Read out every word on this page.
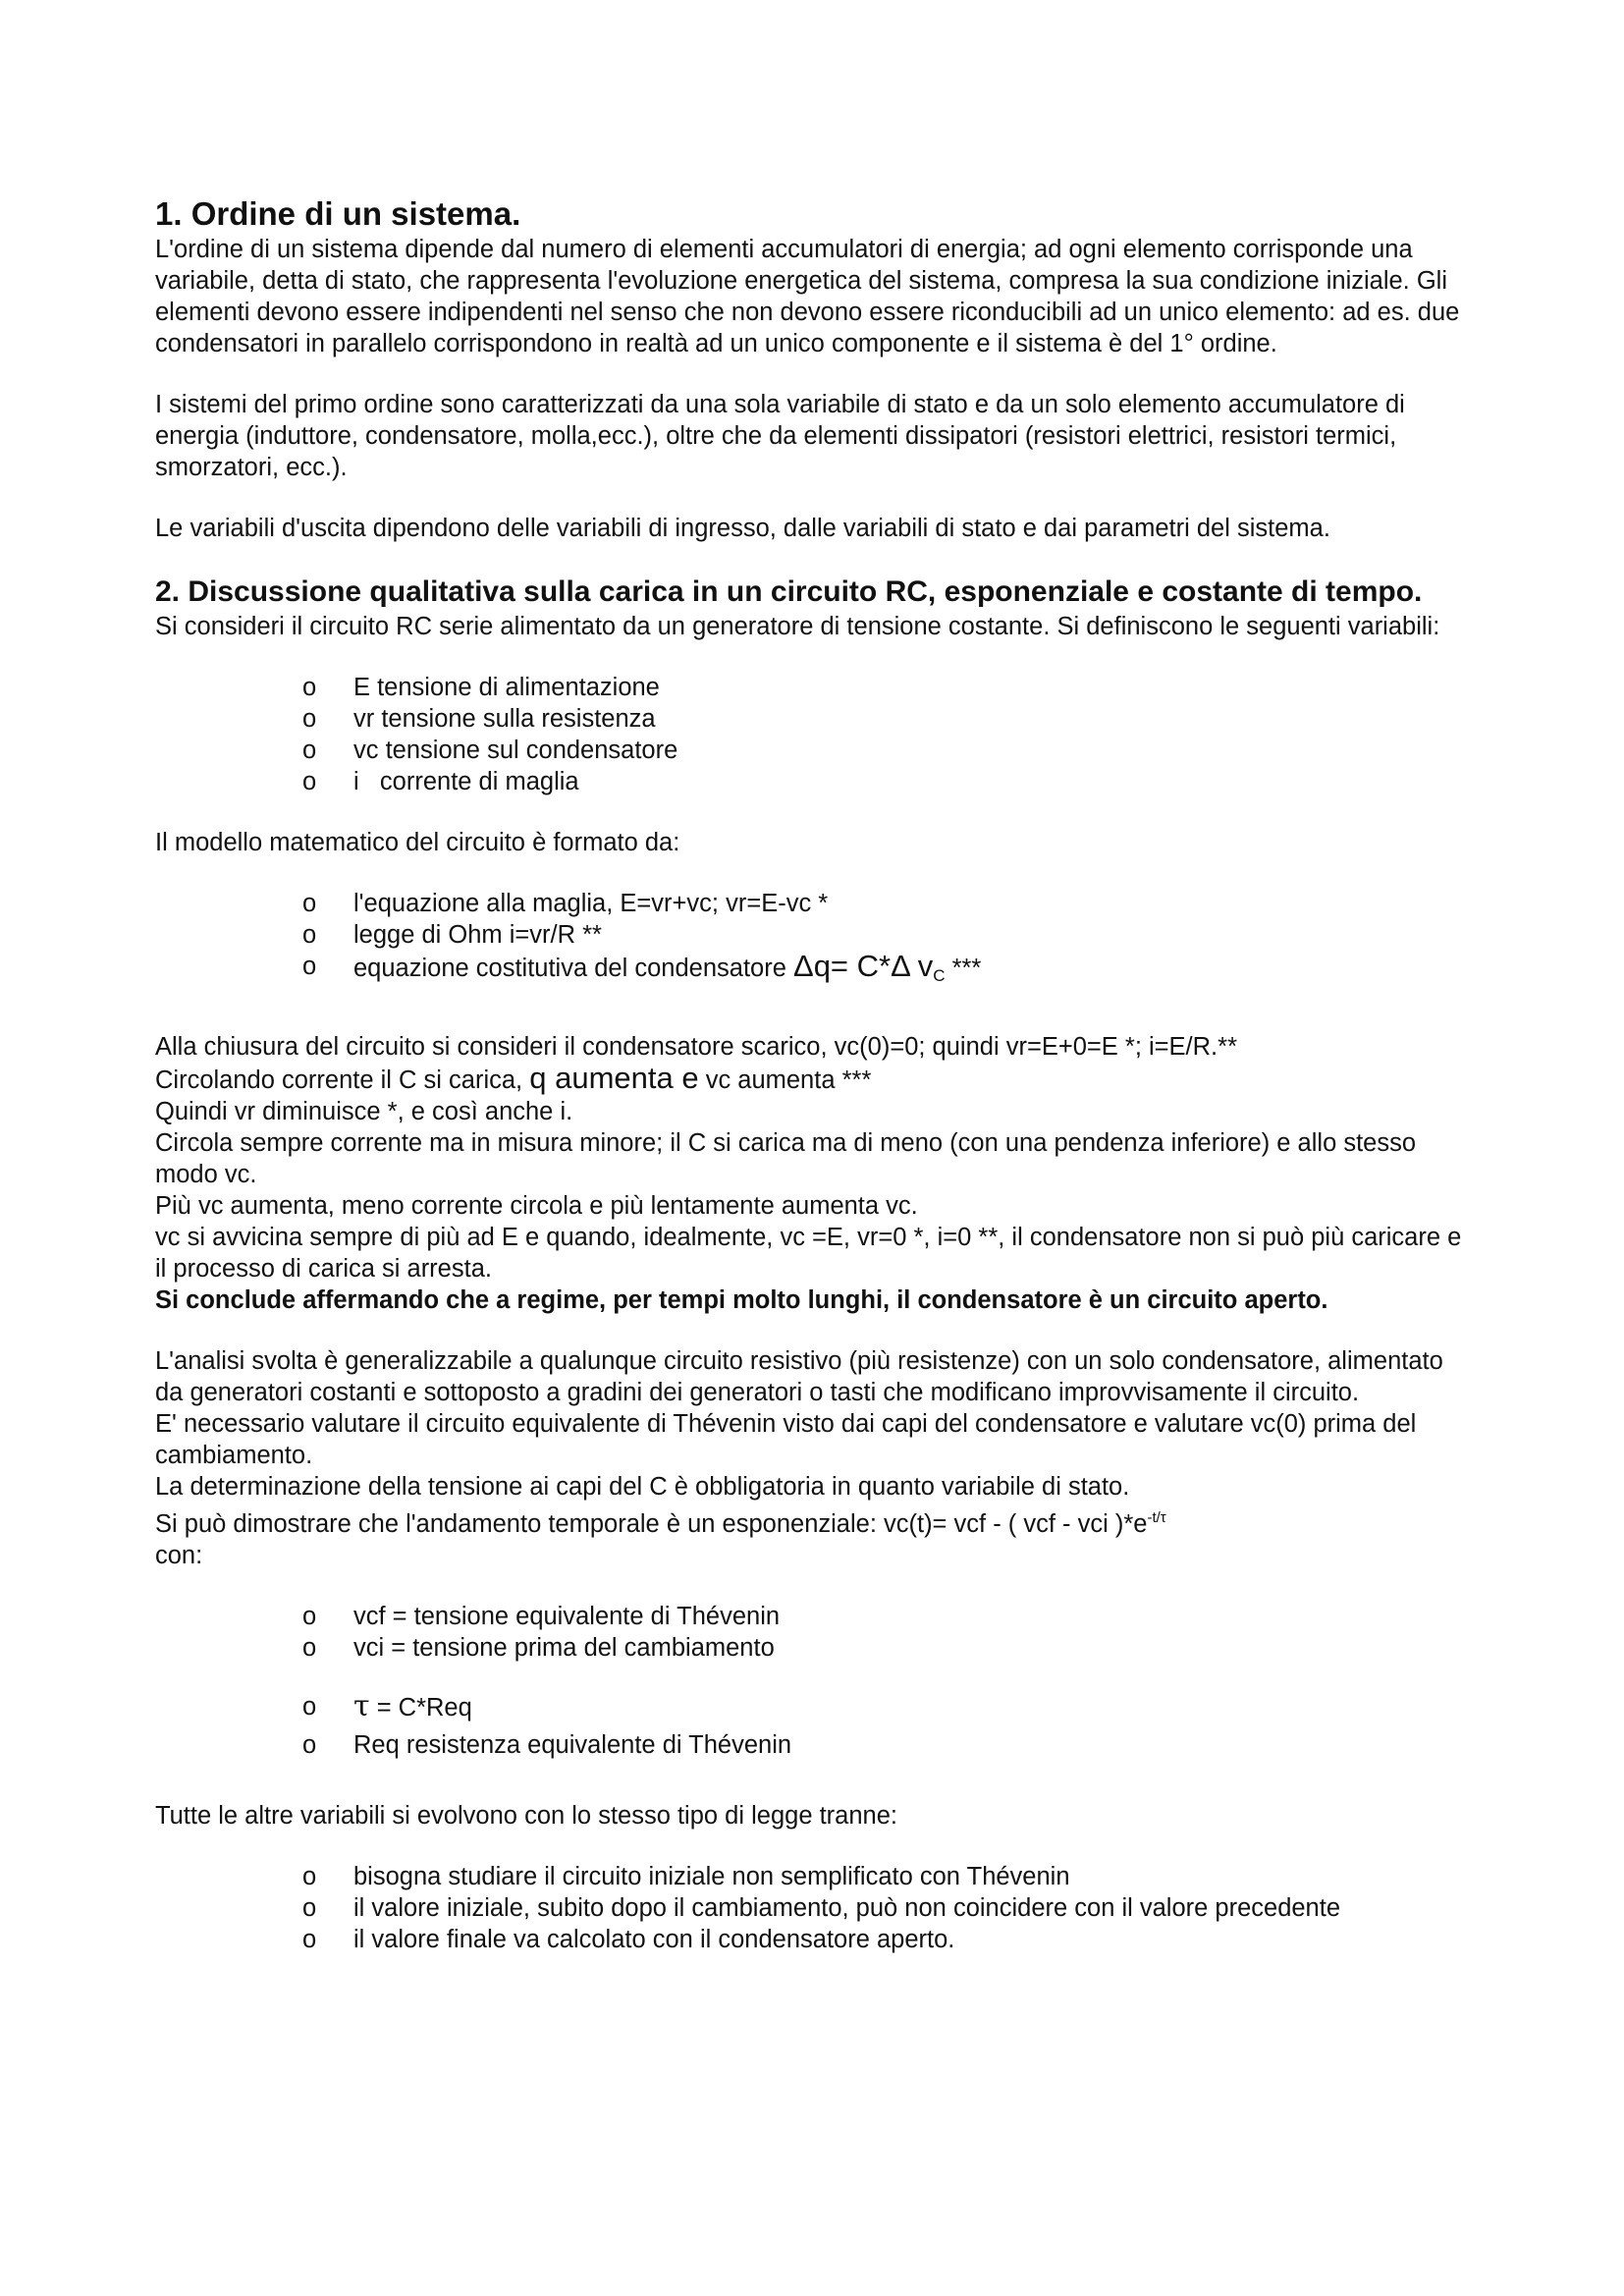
1. Ordine di un sistema.

L'ordine di un sistema dipende dal numero di elementi accumulatori di energia; ad ogni elemento corrisponde una variabile, detta di stato, che rappresenta l'evoluzione energetica del sistema, compresa la sua condizione iniziale. Gli elementi devono essere indipendenti nel senso che non devono essere riconducibili ad un unico elemento: ad es. due condensatori in parallelo corrispondono in realtà ad un unico componente e il sistema è del 1° ordine.

I sistemi del primo ordine sono caratterizzati da una sola variabile di stato e da un solo elemento accumulatore di energia (induttore, condensatore, molla,ecc.), oltre che da elementi dissipatori (resistori elettrici, resistori termici, smorzatori, ecc.).

Le variabili d'uscita dipendono delle variabili di ingresso, dalle variabili di stato e dai parametri del sistema.

2. Discussione qualitativa sulla carica in un circuito RC, esponenziale e costante di tempo.

Si consideri il circuito RC serie alimentato da un generatore di tensione costante. Si definiscono le seguenti variabili:

o E tensione di alimentazione
o vr tensione sulla resistenza
o vc tensione sul condensatore
o i   corrente di maglia

Il modello matematico del circuito è formato da:

o l'equazione alla maglia, E=vr+vc; vr=E-vc *
o legge di Ohm i=vr/R **
o equazione costitutiva del condensatore Δq= C*Δ $v_C$ ***

Alla chiusura del circuito si consideri il condensatore scarico, vc(0)=0; quindi vr=E+0=E *; i=E/R.**

Circolando corrente il C si carica, q aumenta e vc aumenta ***

Quindi vr diminuisce *, e così anche i.

Circola sempre corrente ma in misura minore; il C si carica ma di meno (con una pendenza inferiore) e allo stesso modo vc.

Più vc aumenta, meno corrente circola e più lentamente aumenta vc.

vc si avvicina sempre di più ad E e quando, idealmente, vc =E, vr=0 *, i=0 **, il condensatore non si può più caricare e il processo di carica si arresta.

Si conclude affermando che a regime, per tempi molto lunghi, il condensatore è un circuito aperto.

L'analisi svolta è generalizzabile a qualunque circuito resistivo (più resistenze) con un solo condensatore, alimentato da generatori costanti e sottoposto a gradini dei generatori o tasti che modificano improvvisamente il circuito.

E' necessario valutare il circuito equivalente di Thévenin visto dai capi del condensatore e valutare vc(0) prima del cambiamento.

La determinazione della tensione ai capi del C è obbligatoria in quanto variabile di stato.

Si può dimostrare che l'andamento temporale è un esponenziale: vc(t)= vcf - ( vcf - vci )$*e^{-t/\tau}$

con:

o vcf = tensione equivalente di Thévenin
o vci = tensione prima del cambiamento
o τ = C*Req
o Req resistenza equivalente di Thévenin

Tutte le altre variabili si evolvono con lo stesso tipo di legge tranne:

o bisogna studiare il circuito iniziale non semplificato con Thévenin
o il valore iniziale, subito dopo il cambiamento, può non coincidere con il valore precedente
o il valore finale va calcolato con il condensatore aperto.
